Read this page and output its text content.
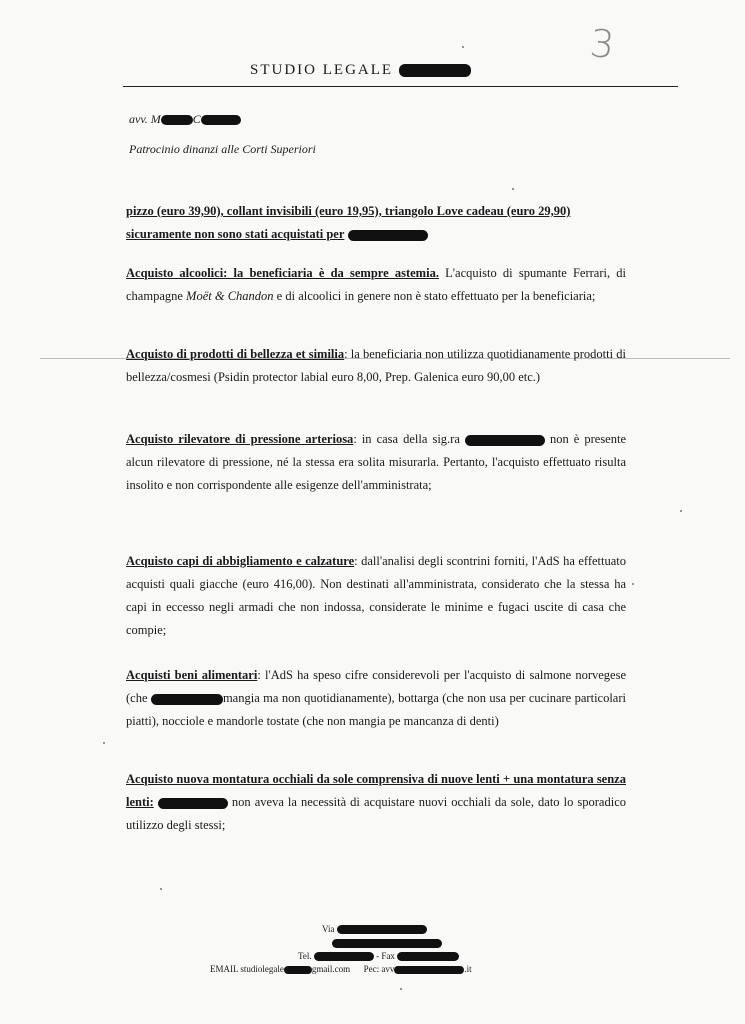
3
STUDIO LEGALE
avv. M	C
Patrocinio dinanzi alle Corti Superiori
pizzo (euro 39,90), collant invisibili (euro 19,95), triangolo Love cadeau (euro 29,90)
sicuramente non sono stati acquistati per
Acquisto alcoolici: la beneficiaria è da sempre astemia. L'acquisto di spumante Ferrari, di champagne Moët & Chandon e di alcoolici in genere non è stato effettuato per la beneficiaria;
Acquisto di prodotti di bellezza et similia: la beneficiaria non utilizza quotidianamente prodotti di bellezza/cosmesi (Psidin protector labial euro 8,00, Prep. Galenica euro 90,00 etc.)
Acquisto rilevatore di pressione arteriosa: in casa della sig.ra	non è presente alcun rilevatore di pressione, né la stessa era solita misurarla. Pertanto, l'acquisto effettuato risulta insolito e non corrispondente alle esigenze dell'amministrata;
Acquisto capi di abbigliamento e calzature: dall'analisi degli scontrini forniti, l'AdS ha effettuato acquisti quali giacche (euro 416,00). Non destinati all'amministrata, considerato che la stessa ha capi in eccesso negli armadi che non indossa, considerate le minime e fugaci uscite di casa che compie;
Acquisti beni alimentari: l'AdS ha speso cifre considerevoli per l'acquisto di salmone norvegese (che	mangia ma non quotidianamente), bottarga (che non usa per cucinare particolari piatti), nocciole e mandorle tostate (che non mangia pe mancanza di denti)
Acquisto nuova montatura occhiali da sole comprensiva di nuove lenti + una montatura senza lenti:	non aveva la necessità di acquistare nuovi occhiali da sole, dato lo sporadico utilizzo degli stessi;
Via
Tel.	- Fax
EMAIL studiolegale	gmail.com Pec: avv	.it
